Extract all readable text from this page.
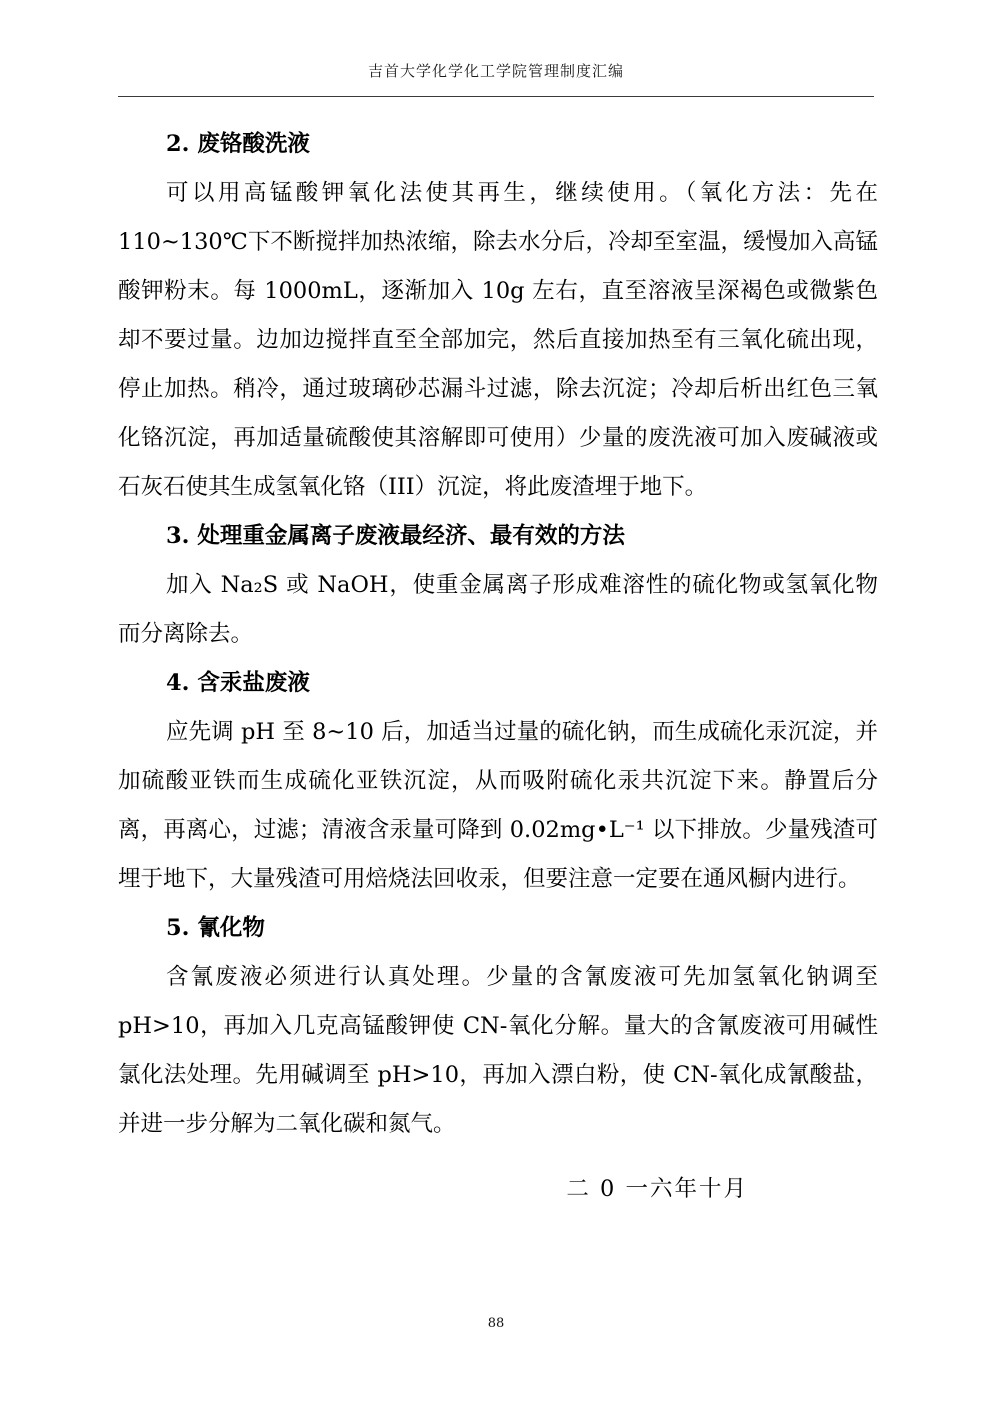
吉首大学化学化工学院管理制度汇编

2. 废铬酸洗液

可以用高锰酸钾氧化法使其再生，继续使用。（氧化方法：先在110~130℃下不断搅拌加热浓缩，除去水分后，冷却至室温，缓慢加入高锰酸钾粉末。每 1000mL，逐渐加入 10g 左右，直至溶液呈深褐色或微紫色却不要过量。边加边搅拌直至全部加完，然后直接加热至有三氧化硫出现，停止加热。稍冷，通过玻璃砂芯漏斗过滤，除去沉淀；冷却后析出红色三氧化铬沉淀，再加适量硫酸使其溶解即可使用）少量的废洗液可加入废碱液或石灰石使其生成氢氧化铬（III）沉淀，将此废渣埋于地下。

3. 处理重金属离子废液最经济、最有效的方法

加入 Na₂S 或 NaOH，使重金属离子形成难溶性的硫化物或氢氧化物而分离除去。

4. 含汞盐废液

应先调 pH 至 8~10 后，加适当过量的硫化钠，而生成硫化汞沉淀，并加硫酸亚铁而生成硫化亚铁沉淀，从而吸附硫化汞共沉淀下来。静置后分离，再离心，过滤；清液含汞量可降到 0.02mg•L⁻¹ 以下排放。少量残渣可埋于地下，大量残渣可用焙烧法回收汞，但要注意一定要在通风橱内进行。

5. 氰化物

含氰废液必须进行认真处理。少量的含氰废液可先加氢氧化钠调至 pH>10，再加入几克高锰酸钾使 CN-氧化分解。量大的含氰废液可用碱性氯化法处理。先用碱调至 pH>10，再加入漂白粉，使 CN-氧化成氰酸盐，并进一步分解为二氧化碳和氮气。

二 0 一六年十月

88
